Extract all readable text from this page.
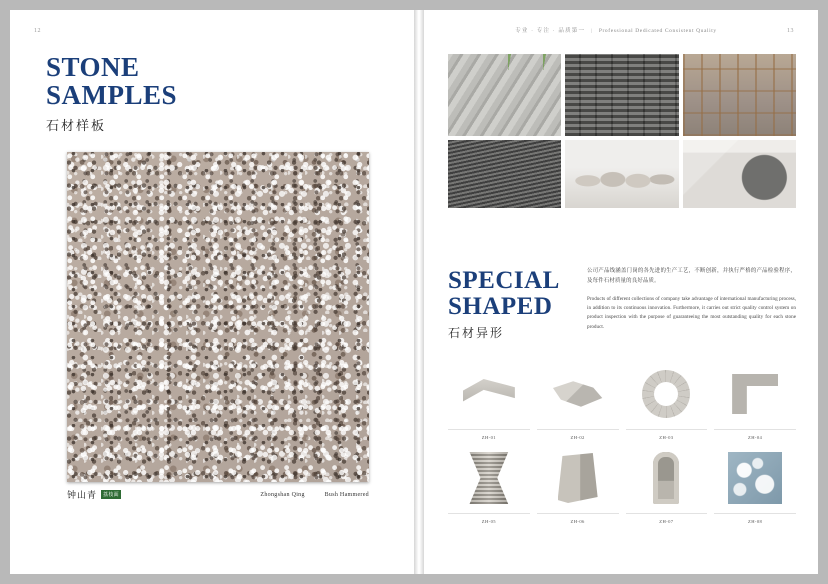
12
STONE
SAMPLES
石材样板
钟山青	荔枝面	Zhongshan Qing	Bush Hammered
专业 · 专注 · 品质第一 | Professional Dedicated Consistent Quality	13
SPECIAL
SHAPED
石材异形

公司产品线涵盖门岗的各先进的生产工艺，不断创新，并执行严格的产品检验程序，及每件石材质量的良好品质。

Products of different collections of company take advantage of international manufacturing process, in addition to its continuous innovation. Furthermore, it carries out strict quality control system on product inspection with the purpose of guaranteeing the most outstanding quality for each stone product.

ZH-01	ZH-02	ZH-03	ZH-04
ZH-05	ZH-06	ZH-07	ZH-08
